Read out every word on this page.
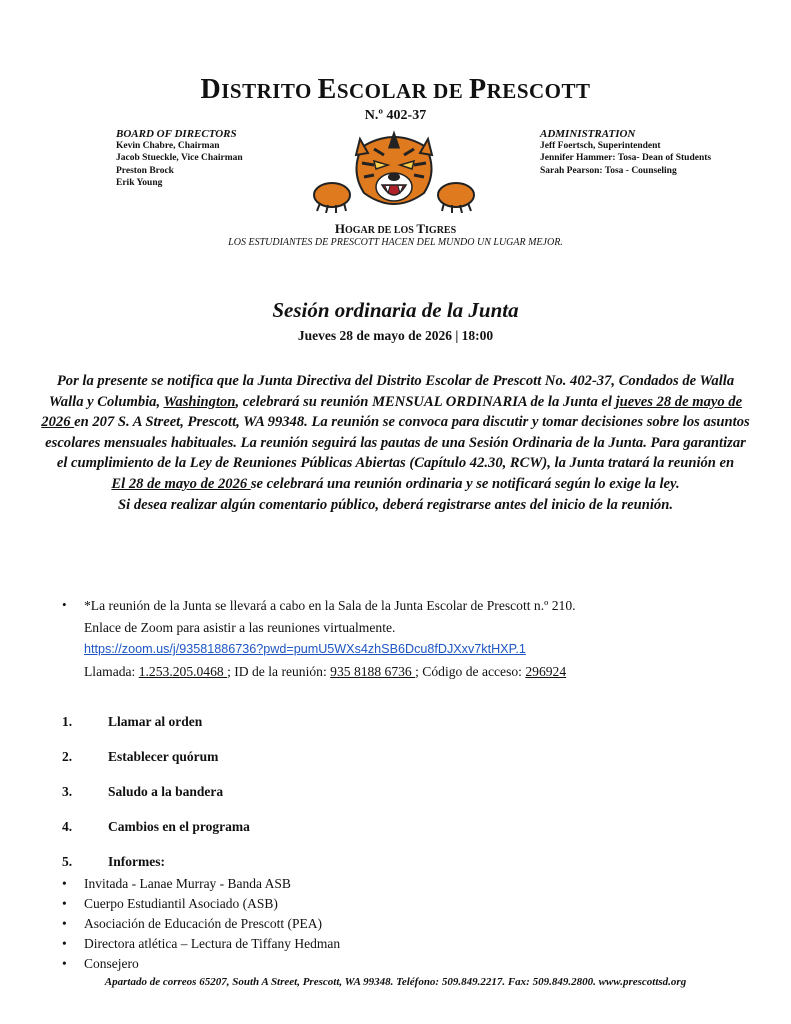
DISTRITO ESCOLAR DE PRESCOTT
N.º 402-37
BOARD OF DIRECTORS
Kevin Chabre, Chairman
Jacob Stueckle, Vice Chairman
Preston Brock
Erik Young
ADMINISTRATION
Jeff Foertsch, Superintendent
Jennifer Hammer: Tosa- Dean of Students
Sarah Pearson: Tosa - Counseling
HOGAR DE LOS TIGRES
LOS ESTUDIANTES DE PRESCOTT HACEN DEL MUNDO UN LUGAR MEJOR.
Sesión ordinaria de la Junta
Jueves 28 de mayo de 2026 | 18:00
Por la presente se notifica que la Junta Directiva del Distrito Escolar de Prescott No. 402-37, Condados de Walla Walla y Columbia, Washington, celebrará su reunión MENSUAL ORDINARIA de la Junta el jueves 28 de mayo de 2026 en 207 S. A Street, Prescott, WA 99348. La reunión se convoca para discutir y tomar decisiones sobre los asuntos escolares mensuales habituales. La reunión seguirá las pautas de una Sesión Ordinaria de la Junta. Para garantizar el cumplimiento de la Ley de Reuniones Públicas Abiertas (Capítulo 42.30, RCW), la Junta tratará la reunión en
El 28 de mayo de 2026 se celebrará una reunión ordinaria y se notificará según lo exige la ley.
Si desea realizar algún comentario público, deberá registrarse antes del inicio de la reunión.
• *La reunión de la Junta se llevará a cabo en la Sala de la Junta Escolar de Prescott n.º 210.
Enlace de Zoom para asistir a las reuniones virtualmente.
https://zoom.us/j/93581886736?pwd=pumU5WXs4zhSB6Dcu8fDJXxv7ktHXP.1
Llamada: 1.253.205.0468 ; ID de la reunión: 935 8188 6736 ; Código de acceso: 296924
1.	Llamar al orden
2.	Establecer quórum
3.	Saludo a la bandera
4.	Cambios en el programa
5.	Informes:
• Invitada - Lanae Murray - Banda ASB
• Cuerpo Estudiantil Asociado (ASB)
• Asociación de Educación de Prescott (PEA)
• Directora atlética – Lectura de Tiffany Hedman
• Consejero
Apartado de correos 65207, South A Street, Prescott, WA 99348. Teléfono: 509.849.2217. Fax: 509.849.2800. www.prescottsd.org
